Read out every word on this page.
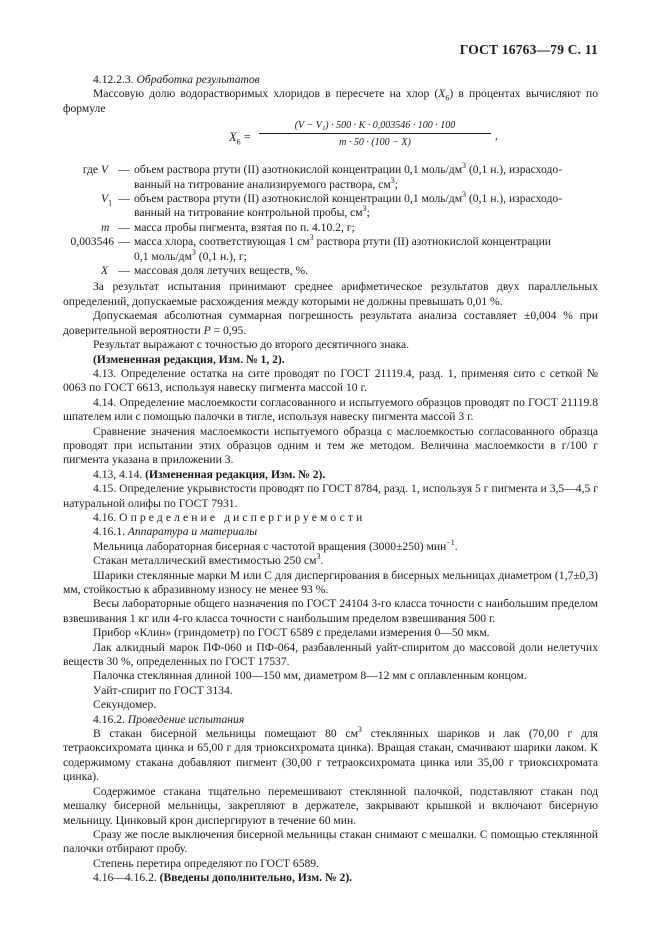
ГОСТ 16763—79 С. 11

4.12.2.3. Обработка результатов

Массовую долю водорастворимых хлоридов в пересчете на хлор $(X_6)$ в процентах вычисляют по формуле

$X_6 = \frac{\text{(V − V₁) · 500 · K · 0,003546 · 100 · 100}}{m \cdot 50 \cdot (100 - X)}$ ,
где V — объем раствора ртути (II) азотнокислой концентрации 0,1 моль/$дм^3$ (0,1 н.), израсходо-
ванный на титрование анализируемого раствора, $см^3$;
$V_1$ — объем раствора ртути (II) азотнокислой концентрации 0,1 моль/$дм^3$ (0,1 н.), израсходо-
ванный на титрование контрольной пробы, $см^3$;
m — масса пробы пигмента, взятая по п. 4.10.2, г;
0,003546 — масса хлора, соответствующая 1 $см^3$ раствора ртути (II) азотнокислой концентрации
0,1 моль/$дм^3$ (0,1 н.), г;
X — массовая доля летучих веществ, %.

За результат испытания принимают среднее арифметическое результатов двух параллельных определений, допускаемые расхождения между которыми не должны превышать 0,01 %.

Допускаемая абсолютная суммарная погрешность результата анализа составляет ±0,004 % при доверительной вероятности P = 0,95.

Результат выражают с точностью до второго десятичного знака.

(Измененная редакция, Изм. № 1, 2).

4.13. Определение остатка на сите проводят по ГОСТ 21119.4, разд. 1, применяя сито с сеткой № 0063 по ГОСТ 6613, используя навеску пигмента массой 10 г.

4.14. Определение маслоемкости согласованного и испытуемого образцов проводят по ГОСТ 21119.8 шпателем или с помощью палочки в тигле, используя навеску пигмента массой 3 г.

Сравнение значения маслоемкости испытуемого образца с маслоемкостью согласованного образца проводят при испытании этих образцов одним и тем же методом. Величина маслоемкости в г/100 г пигмента указана в приложении 3.

4.13, 4.14. (Измененная редакция, Изм. № 2).

4.15. Определение укрывистости проводят по ГОСТ 8784, разд. 1, используя 5 г пигмента и 3,5—4,5 г натуральной олифы по ГОСТ 7931.

4.16. Определение диспергируемости

4.16.1. Аппаратура и материалы

Мельница лабораторная бисерная с частотой вращения (3000±250) мин$^{-1}$.

Стакан металлический вместимостью 250 $см^3$.

Шарики стеклянные марки М или С для диспергирования в бисерных мельницах диаметром (1,7±0,3) мм, стойкостью к абразивному износу не менее 93 %.

Весы лабораторные общего назначения по ГОСТ 24104 3-го класса точности с наибольшим пределом взвешивания 1 кг или 4-го класса точности с наибольшим пределом взвешивания 500 г.

Прибор «Клин» (гриндометр) по ГОСТ 6589 с пределами измерения 0—50 мкм.

Лак алкидный марок ПФ-060 и ПФ-064, разбавленный уайт-спиритом до массовой доли нелетучих веществ 30 %, определенных по ГОСТ 17537.

Палочка стеклянная длиной 100—150 мм, диаметром 8—12 мм с оплавленным концом.

Уайт-спирит по ГОСТ 3134.

Секундомер.

4.16.2. Проведение испытания

В стакан бисерной мельницы помещают 80 $см^3$ стеклянных шариков и лак (70,00 г для тетраоксихромата цинка и 65,00 г для триоксихромата цинка). Вращая стакан, смачивают шарики лаком. К содержимому стакана добавляют пигмент (30,00 г тетраоксихромата цинка или 35,00 г триоксихромата цинка).

Содержимое стакана тщательно перемешивают стеклянной палочкой, подставляют стакан под мешалку бисерной мельницы, закрепляют в держателе, закрывают крышкой и включают бисерную мельницу. Цинковый крон диспергируют в течение 60 мин.

Сразу же после выключения бисерной мельницы стакан снимают с мешалки. С помощью стеклянной палочки отбирают пробу.

Степень перетира определяют по ГОСТ 6589.

4.16—4.16.2. (Введены дополнительно, Изм. № 2).
